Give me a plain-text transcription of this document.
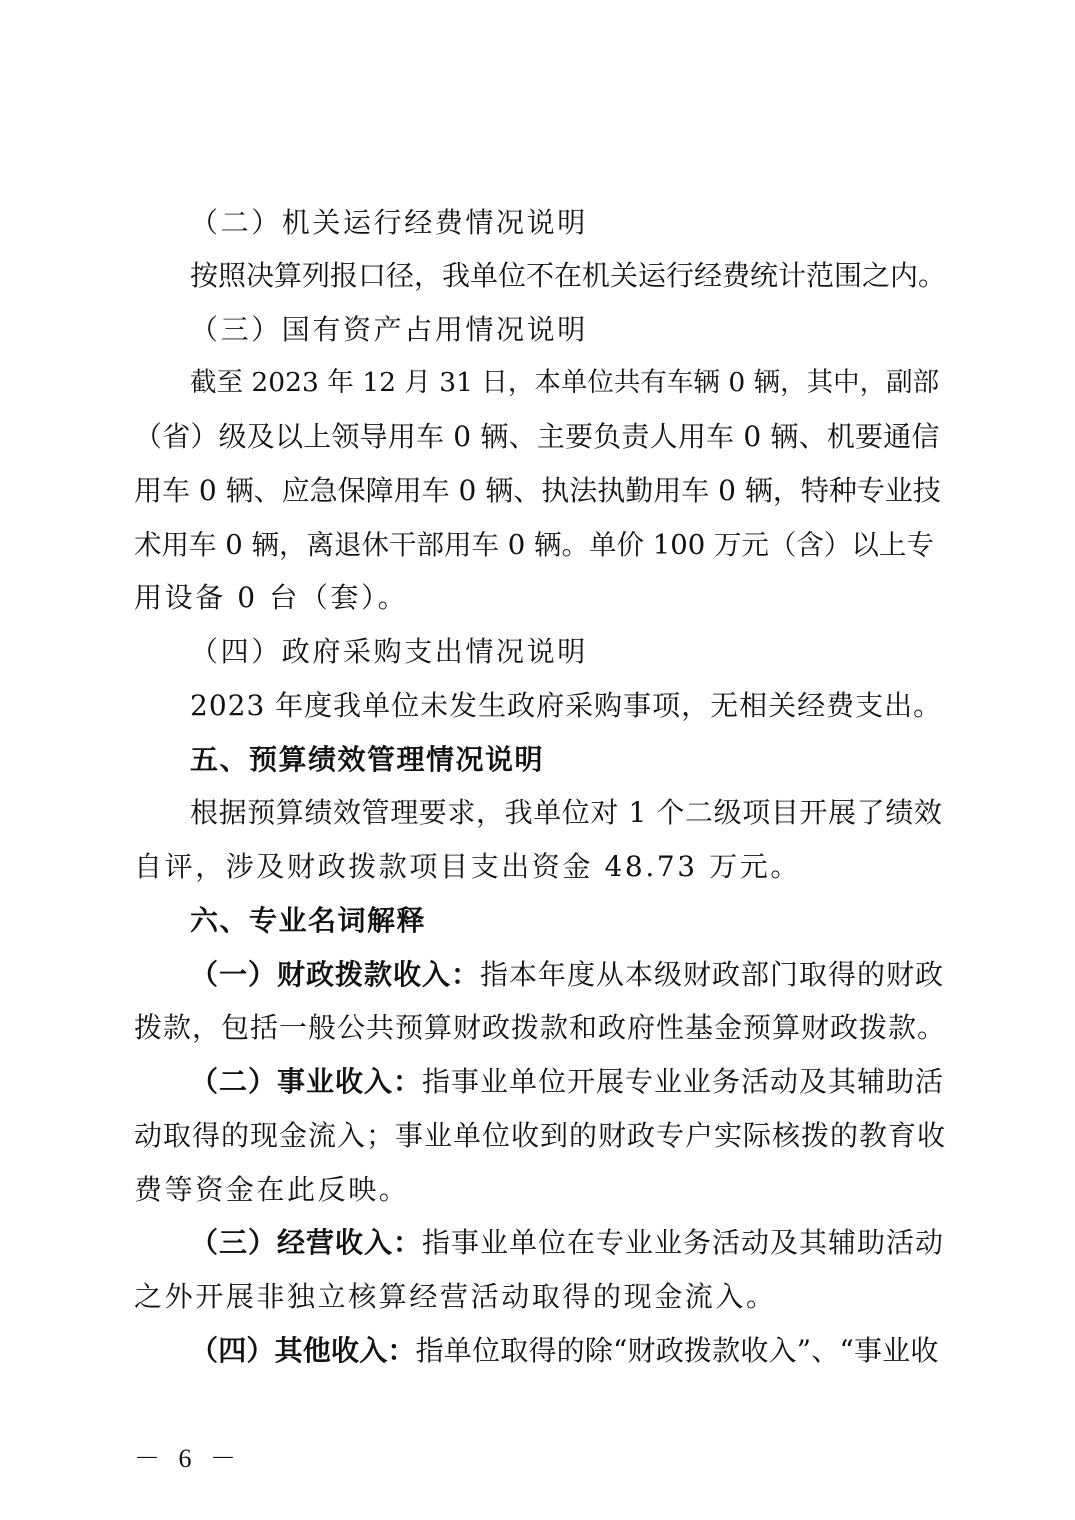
（二）机关运行经费情况说明
按照决算列报口径，我单位不在机关运行经费统计范围之内。
（三）国有资产占用情况说明
截至 2023 年 12 月 31 日，本单位共有车辆 0 辆，其中，副部
（省）级及以上领导用车 0 辆、主要负责人用车 0 辆、机要通信
用车 0 辆、应急保障用车 0 辆、执法执勤用车 0 辆，特种专业技
术用车 0 辆，离退休干部用车 0 辆。单价 100 万元（含）以上专
用设备 0 台（套）。
（四）政府采购支出情况说明
2023 年度我单位未发生政府采购事项，无相关经费支出。
五、预算绩效管理情况说明
根据预算绩效管理要求，我单位对 1 个二级项目开展了绩效
自评，涉及财政拨款项目支出资金 48.73 万元。
六、专业名词解释
（一）财政拨款收入：指本年度从本级财政部门取得的财政
拨款，包括一般公共预算财政拨款和政府性基金预算财政拨款。
（二）事业收入：指事业单位开展专业业务活动及其辅助活
动取得的现金流入；事业单位收到的财政专户实际核拨的教育收
费等资金在此反映。
（三）经营收入：指事业单位在专业业务活动及其辅助活动
之外开展非独立核算经营活动取得的现金流入。
（四）其他收入：指单位取得的除“财政拨款收入”、“事业收
－ 6 －
